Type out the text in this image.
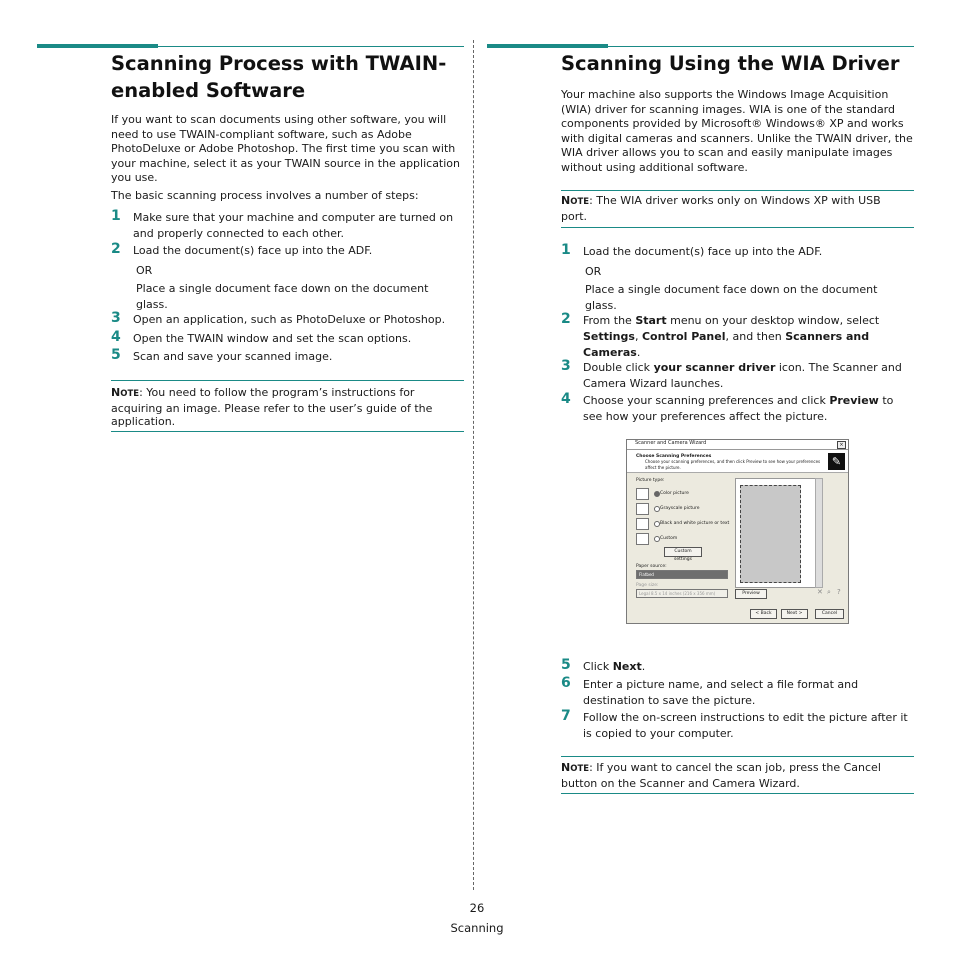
Scanning Process with TWAIN-
enabled Software
If you want to scan documents using other software, you will
need to use TWAIN-compliant software, such as Adobe
PhotoDeluxe or Adobe Photoshop. The first time you scan with
your machine, select it as your TWAIN source in the application
you use.
The basic scanning process involves a number of steps:
1 Make sure that your machine and computer are turned on
and properly connected to each other.
2 Load the document(s) face up into the ADF.
OR
Place a single document face down on the document
glass.
3 Open an application, such as PhotoDeluxe or Photoshop.
4 Open the TWAIN window and set the scan options.
5 Scan and save your scanned image.
NOTE: You need to follow the program’s instructions for
acquiring an image. Please refer to the user’s guide of the
application.
Scanning Using the WIA Driver
Your machine also supports the Windows Image Acquisition
(WIA) driver for scanning images. WIA is one of the standard
components provided by Microsoft® Windows® XP and works
with digital cameras and scanners. Unlike the TWAIN driver, the
WIA driver allows you to scan and easily manipulate images
without using additional software.
NOTE: The WIA driver works only on Windows XP with USB
port.
1 Load the document(s) face up into the ADF.
OR
Place a single document face down on the document
glass.
2 From the Start menu on your desktop window, select
Settings, Control Panel, and then Scanners and
Cameras.
3 Double click your scanner driver icon. The Scanner and
Camera Wizard launches.
4 Choose your scanning preferences and click Preview to
see how your preferences affect the picture.
Scanner and Camera Wizard	×
Choose Scanning Preferences
Choose your scanning preferences, and then click Preview to see how your preferences affect the picture.	✎
Picture type:
Color picture
Grayscale picture
Black and white picture or text
Custom
Custom settings
Paper source:
Flatbed
Page size:
Legal 8.5 x 14 inches (216 x 356 mm)	Preview	✕ ⌕ ?
< Back	Next >	Cancel
5 Click Next.
6 Enter a picture name, and select a file format and
destination to save the picture.
7 Follow the on-screen instructions to edit the picture after it
is copied to your computer.
NOTE: If you want to cancel the scan job, press the Cancel
button on the Scanner and Camera Wizard.
26
Scanning
